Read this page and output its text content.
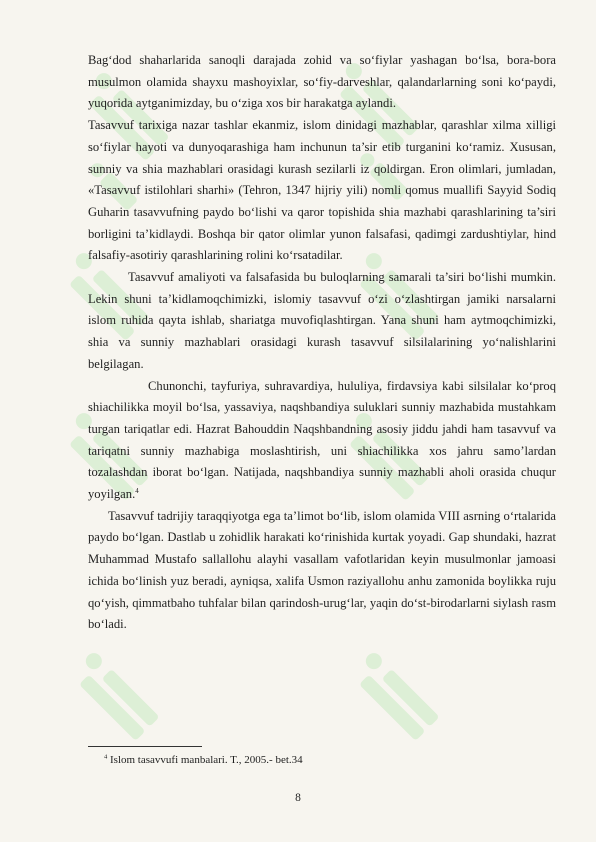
Bag‘dod shaharlarida sanoqli darajada zohid va so‘fiylar yashagan bo‘lsa, bora-bora musulmon olamida shayxu mashoyixlar, so‘fiy-darveshlar, qalandarlarning soni ko‘paydi, yuqorida aytganimizday, bu o‘ziga xos bir harakatga aylandi.

Tasavvuf tarixiga nazar tashlar ekanmiz, islom dinidagi mazhablar, qarashlar xilma xilligi so‘fiylar hayoti va dunyoqarashiga ham inchunun ta’sir etib turganini ko‘ramiz. Xususan, sunniy va shia mazhablari orasidagi kurash sezilarli iz qoldirgan. Eron olimlari, jumladan, «Tasavvuf istilohlari sharhi» (Tehron, 1347 hijriy yili) nomli qomus muallifi Sayyid Sodiq Guharin tasavvufning paydo bo‘lishi va qaror topishida shia mazhabi qarashlarining ta’siri borligini ta’kidlaydi. Boshqa bir qator olimlar yunon falsafasi, qadimgi zardushtiylar, hind falsafiy-asotiriy qarashlarining rolini ko‘rsatadilar.

Tasavvuf amaliyoti va falsafasida bu buloqlarning samarali ta’siri bo‘lishi mumkin. Lekin shuni ta’kidlamoqchimizki, islomiy tasavvuf o‘zi o‘zlashtirgan jamiki narsalarni islom ruhida qayta ishlab, shariatga muvofiqlashtirgan. Yana shuni ham aytmoqchimizki, shia va sunniy mazhablari orasidagi kurash tasavvuf silsilalarining yo‘nalishlarini belgilagan.

Chunonchi, tayfuriya, suhravardiya, hululiya, firdavsiya kabi silsilalar ko‘proq shiachilikka moyil bo‘lsa, yassaviya, naqshbandiya suluklari sunniy mazhabida mustahkam turgan tariqatlar edi. Hazrat Bahouddin Naqshbandning asosiy jiddu jahdi ham tasavvuf va tariqatni sunniy mazhabiga moslashtirish, uni shiachilikka xos jahru samo’lardan tozalashdan iborat bo‘lgan. Natijada, naqshbandiya sunniy mazhabli aholi orasida chuqur yoyilgan.$^4$

Tasavvuf tadrijiy taraqqiyotga ega ta’limot bo‘lib, islom olamida VIII asrning o‘rtalarida paydo bo‘lgan. Dastlab u zohidlik harakati ko‘rinishida kurtak yoyadi. Gap shundaki, hazrat Muhammad Mustafo sallallohu alayhi vasallam vafotlaridan keyin musulmonlar jamoasi ichida bo‘linish yuz beradi, ayniqsa, xalifa Usmon raziyallohu anhu zamonida boylikka ruju qo‘yish, qimmatbaho tuhfalar bilan qarindosh-urug‘lar, yaqin do‘st-birodarlarni siylash rasm bo‘ladi.

$^4$ Islom tasavvufi manbalari. T., 2005.- bet.34
8
